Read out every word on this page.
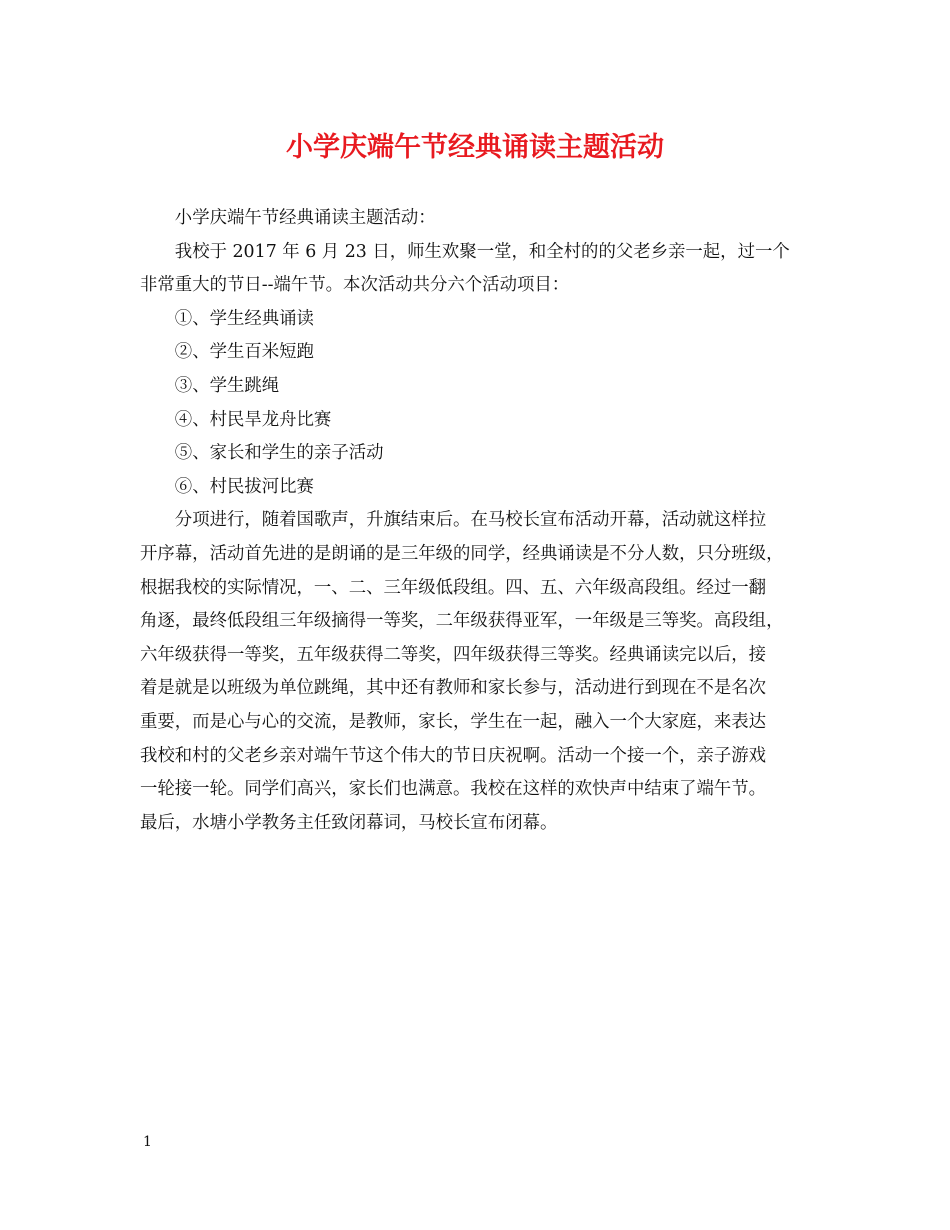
小学庆端午节经典诵读主题活动
小学庆端午节经典诵读主题活动：
我校于 2017 年 6 月 23 日，师生欢聚一堂，和全村的的父老乡亲一起，过一个
非常重大的节日--端午节。本次活动共分六个活动项目：
①、学生经典诵读
②、学生百米短跑
③、学生跳绳
④、村民旱龙舟比赛
⑤、家长和学生的亲子活动
⑥、村民拔河比赛
分项进行，随着国歌声，升旗结束后。在马校长宣布活动开幕，活动就这样拉
开序幕，活动首先进的是朗诵的是三年级的同学，经典诵读是不分人数，只分班级，
根据我校的实际情况，一、二、三年级低段组。四、五、六年级高段组。经过一翻
角逐，最终低段组三年级摘得一等奖，二年级获得亚军，一年级是三等奖。高段组，
六年级获得一等奖，五年级获得二等奖，四年级获得三等奖。经典诵读完以后，接
着是就是以班级为单位跳绳，其中还有教师和家长参与，活动进行到现在不是名次
重要，而是心与心的交流，是教师，家长，学生在一起，融入一个大家庭，来表达
我校和村的父老乡亲对端午节这个伟大的节日庆祝啊。活动一个接一个，亲子游戏
一轮接一轮。同学们高兴，家长们也满意。我校在这样的欢快声中结束了端午节。
最后，水塘小学教务主任致闭幕词，马校长宣布闭幕。
1
